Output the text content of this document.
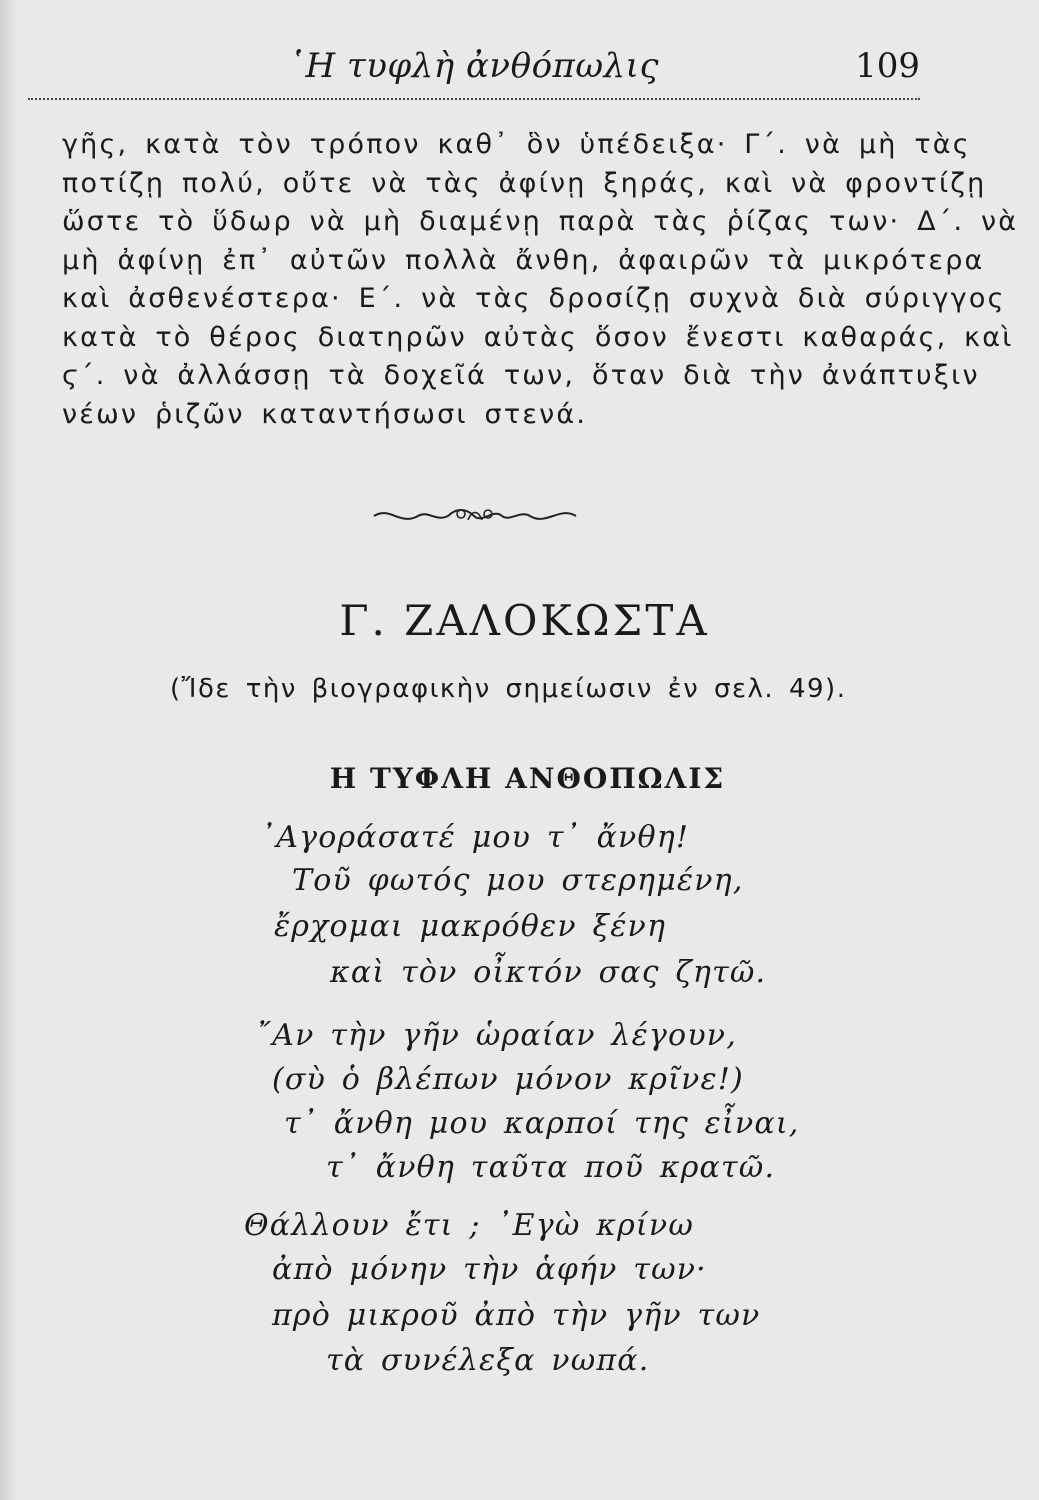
῾Η τυφλὴ ἀνθόπωλις	109
γῆς, κατὰ τὸν τρόπον καθ᾽ ὃν ὑπέδειξα· Γ΄. νὰ μὴ τὰς
ποτίζῃ πολύ, οὔτε νὰ τὰς ἀφίνῃ ξηράς, καὶ νὰ φροντίζῃ
ὥστε τὸ ὕδωρ νὰ μὴ διαμένῃ παρὰ τὰς ῥίζας των· Δ΄. νὰ
μὴ ἀφίνῃ ἐπ᾽ αὐτῶν πολλὰ ἄνθη, ἀφαιρῶν τὰ μικρότερα
καὶ ἀσθενέστερα· Ε΄. νὰ τὰς δροσίζῃ συχνὰ διὰ σύριγγος
κατὰ τὸ θέρος διατηρῶν αὐτὰς ὅσον ἔνεστι καθαράς, καὶ
ϛ΄. νὰ ἀλλάσσῃ τὰ δοχεῖά των, ὅταν διὰ τὴν ἀνάπτυξιν
νέων ῥιζῶν καταντήσωσι στενά.
Γ. ΖΑΛΟΚΩΣΤΑ
(Ἴδε τὴν βιογραφικὴν σημείωσιν ἐν σελ. 49).
Η ΤΥΦΛΗ ΑΝΘΟΠΩΛΙΣ
᾽Αγοράσατέ μου τ᾽ ἄνθη!
Τοῦ φωτός μου στερημένη,
ἔρχομαι μακρόθεν ξένη
καὶ τὸν οἶκτόν σας ζητῶ.
῎Αν τὴν γῆν ὡραίαν λέγουν,
(σὺ ὁ βλέπων μόνον κρῖνε!)
τ᾽ ἄνθη μου καρποί της εἶναι,
τ᾽ ἄνθη ταῦτα ποῦ κρατῶ.
Θάλλουν ἔτι ; ᾽Εγὼ κρίνω
ἀπὸ μόνην τὴν ἁφήν των·
πρὸ μικροῦ ἀπὸ τὴν γῆν των
τὰ συνέλεξα νωπά.
